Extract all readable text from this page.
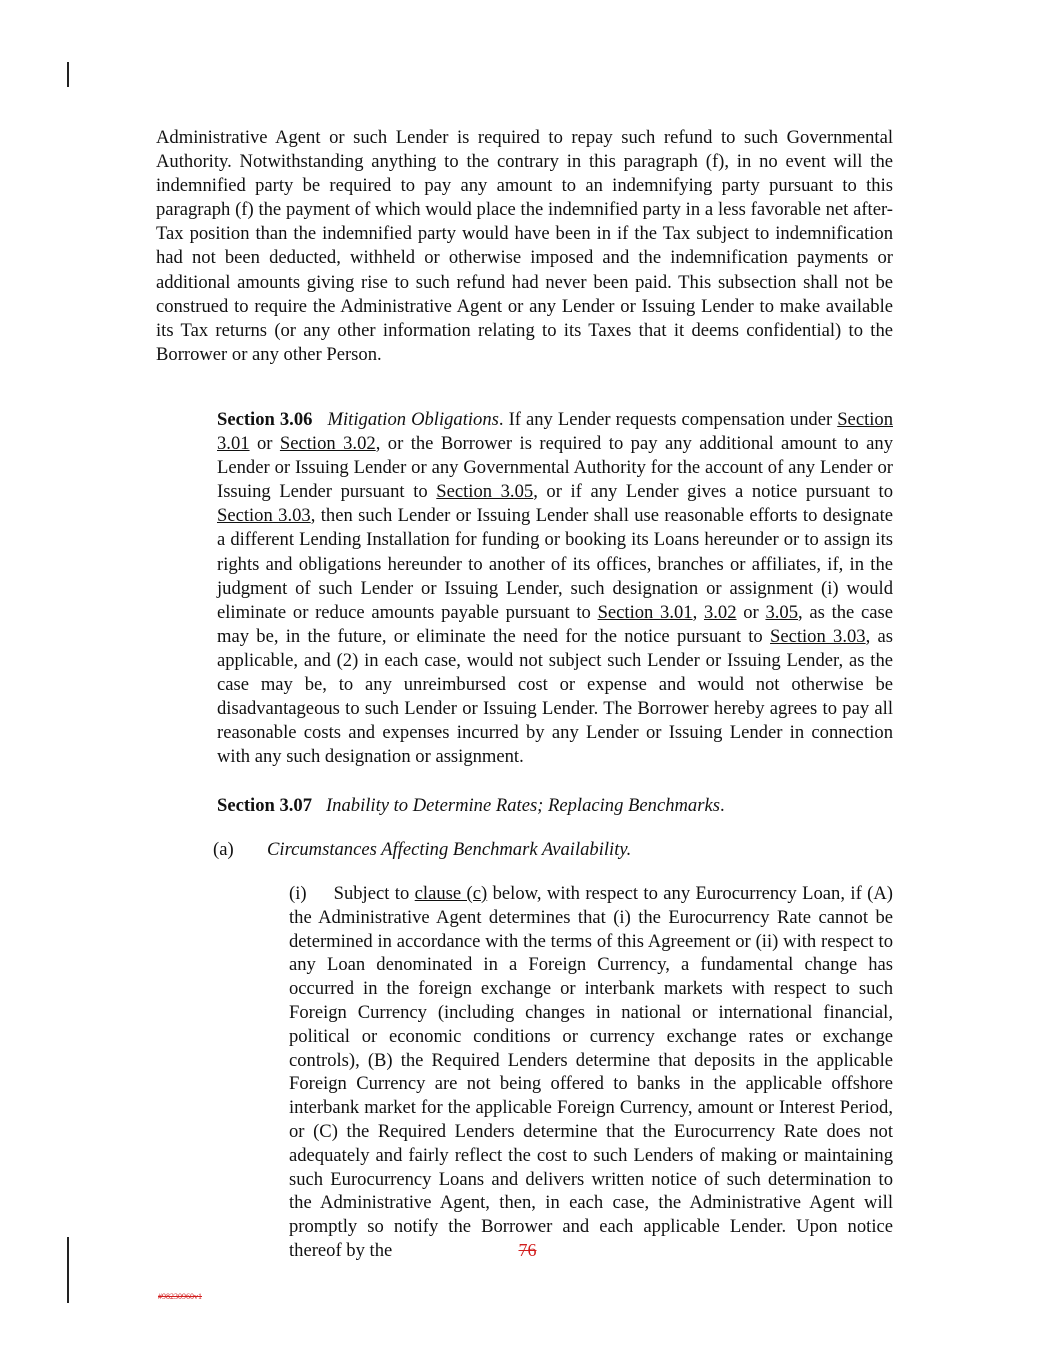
Administrative Agent or such Lender is required to repay such refund to such Governmental Authority. Notwithstanding anything to the contrary in this paragraph (f), in no event will the indemnified party be required to pay any amount to an indemnifying party pursuant to this paragraph (f) the payment of which would place the indemnified party in a less favorable net after-Tax position than the indemnified party would have been in if the Tax subject to indemnification had not been deducted, withheld or otherwise imposed and the indemnification payments or additional amounts giving rise to such refund had never been paid. This subsection shall not be construed to require the Administrative Agent or any Lender or Issuing Lender to make available its Tax returns (or any other information relating to its Taxes that it deems confidential) to the Borrower or any other Person.
Section 3.06 Mitigation Obligations. If any Lender requests compensation under Section 3.01 or Section 3.02, or the Borrower is required to pay any additional amount to any Lender or Issuing Lender or any Governmental Authority for the account of any Lender or Issuing Lender pursuant to Section 3.05, or if any Lender gives a notice pursuant to Section 3.03, then such Lender or Issuing Lender shall use reasonable efforts to designate a different Lending Installation for funding or booking its Loans hereunder or to assign its rights and obligations hereunder to another of its offices, branches or affiliates, if, in the judgment of such Lender or Issuing Lender, such designation or assignment (i) would eliminate or reduce amounts payable pursuant to Section 3.01, 3.02 or 3.05, as the case may be, in the future, or eliminate the need for the notice pursuant to Section 3.03, as applicable, and (2) in each case, would not subject such Lender or Issuing Lender, as the case may be, to any unreimbursed cost or expense and would not otherwise be disadvantageous to such Lender or Issuing Lender. The Borrower hereby agrees to pay all reasonable costs and expenses incurred by any Lender or Issuing Lender in connection with any such designation or assignment.
Section 3.07 Inability to Determine Rates; Replacing Benchmarks.
(a) Circumstances Affecting Benchmark Availability.
(i)     Subject to clause (c) below, with respect to any Eurocurrency Loan, if (A) the Administrative Agent determines that (i) the Eurocurrency Rate cannot be determined in accordance with the terms of this Agreement or (ii) with respect to any Loan denominated in a Foreign Currency, a fundamental change has occurred in the foreign exchange or interbank markets with respect to such Foreign Currency (including changes in national or international financial, political or economic conditions or currency exchange rates or exchange controls), (B) the Required Lenders determine that deposits in the applicable Foreign Currency are not being offered to banks in the applicable offshore interbank market for the applicable Foreign Currency, amount or Interest Period, or (C) the Required Lenders determine that the Eurocurrency Rate does not adequately and fairly reflect the cost to such Lenders of making or maintaining such Eurocurrency Loans and delivers written notice of such determination to the Administrative Agent, then, in each case, the Administrative Agent will promptly so notify the Borrower and each applicable Lender. Upon notice thereof by the	76
#98230960v1
